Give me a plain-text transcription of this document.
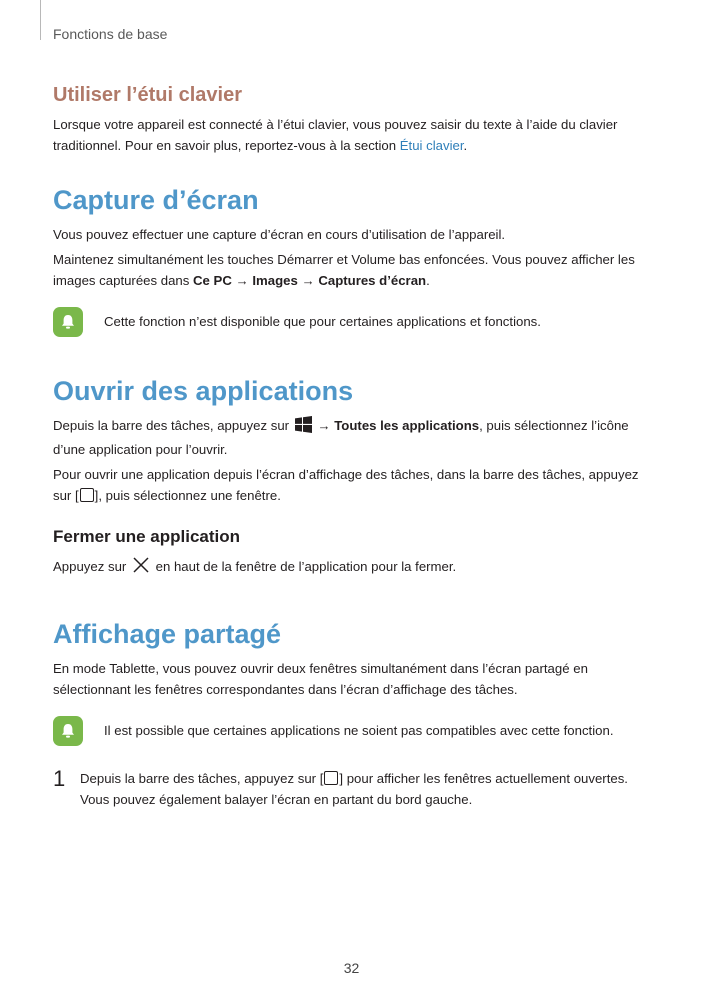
Fonctions de base
Utiliser l’étui clavier

Lorsque votre appareil est connecté à l’étui clavier, vous pouvez saisir du texte à l’aide du clavier traditionnel. Pour en savoir plus, reportez-vous à la section Étui clavier.

Capture d’écran

Vous pouvez effectuer une capture d’écran en cours d’utilisation de l’appareil.

Maintenez simultanément les touches Démarrer et Volume bas enfoncées. Vous pouvez afficher les images capturées dans Ce PC → Images → Captures d’écran.

Cette fonction n’est disponible que pour certaines applications et fonctions.
Ouvrir des applications

Depuis la barre des tâches, appuyez sur  → Toutes les applications, puis sélectionnez l’icône d’une application pour l’ouvrir.

Pour ouvrir une application depuis l’écran d’affichage des tâches, dans la barre des tâches, appuyez sur [ ], puis sélectionnez une fenêtre.

Fermer une application

Appuyez sur  en haut de la fenêtre de l’application pour la fermer.

Affichage partagé

En mode Tablette, vous pouvez ouvrir deux fenêtres simultanément dans l’écran partagé en sélectionnant les fenêtres correspondantes dans l’écran d’affichage des tâches.

Il est possible que certaines applications ne soient pas compatibles avec cette fonction.
1	Depuis la barre des tâches, appuyez sur [ ] pour afficher les fenêtres actuellement ouvertes. Vous pouvez également balayer l’écran en partant du bord gauche.

32
